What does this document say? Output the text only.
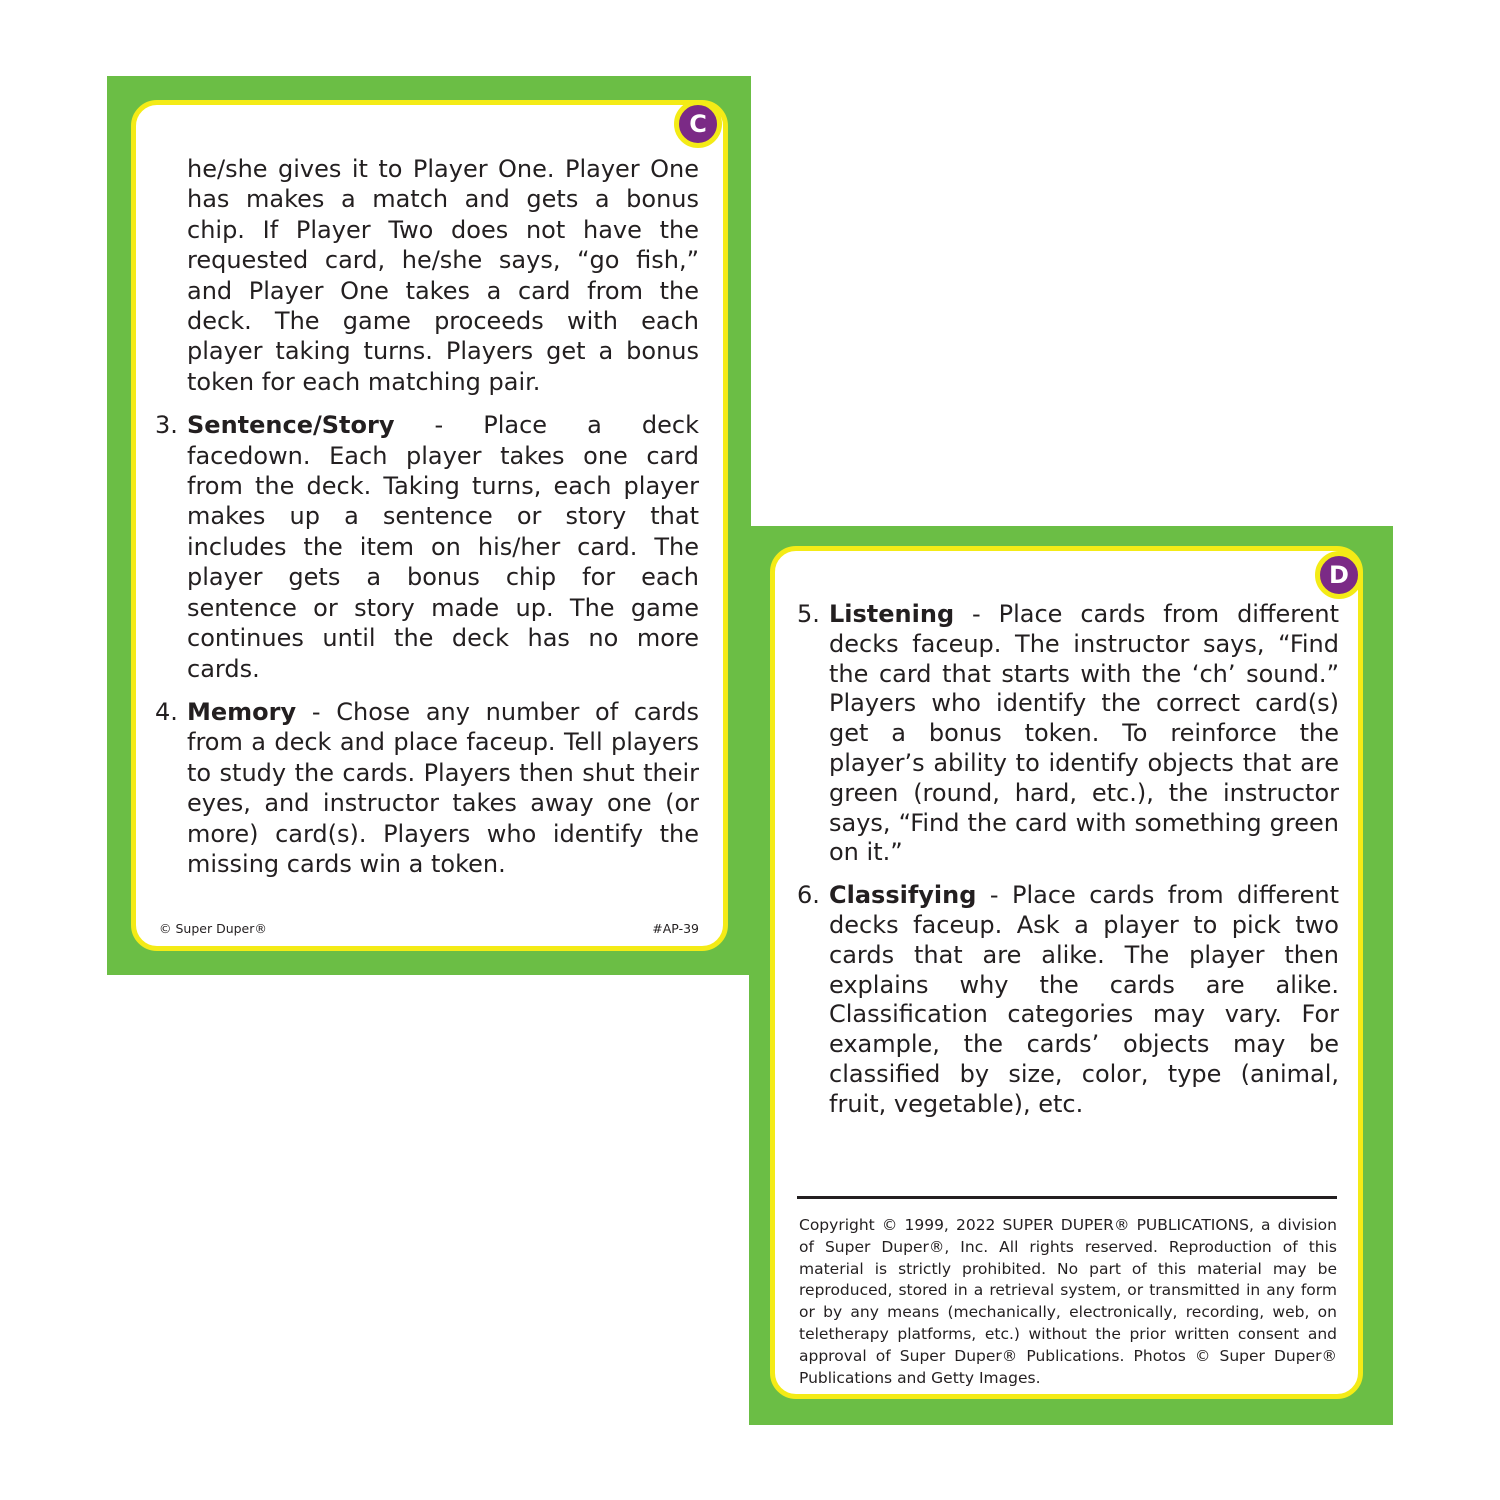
C

he/she gives it to Player One. Player One has makes a match and gets a bonus chip. If Player Two does not have the requested card, he/she says, “go fish,” and Player One takes a card from the deck. The game proceeds with each player taking turns. Players get a bonus token for each matching pair.

3. Sentence/Story - Place a deck facedown. Each player takes one card from the deck. Taking turns, each player makes up a sentence or story that includes the item on his/her card. The player gets a bonus chip for each sentence or story made up. The game continues until the deck has no more cards.
4. Memory - Chose any number of cards from a deck and place faceup. Tell players to study the cards. Players then shut their eyes, and instructor takes away one (or more) card(s). Players who identify the missing cards win a token.
© Super Duper®	#AP-39
D
5. Listening - Place cards from different decks faceup. The instructor says, “Find the card that starts with the ‘ch’ sound.” Players who identify the correct card(s) get a bonus token. To reinforce the player’s ability to identify objects that are green (round, hard, etc.), the instructor says, “Find the card with something green on it.”
6. Classifying - Place cards from different decks faceup. Ask a player to pick two cards that are alike. The player then explains why the cards are alike. Classification categories may vary. For example, the cards’ objects may be classified by size, color, type (animal, fruit, vegetable), etc.
Copyright © 1999, 2022 SUPER DUPER® PUBLICATIONS, a division of Super Duper®, Inc. All rights reserved. Reproduction of this material is strictly prohibited. No part of this material may be reproduced, stored in a retrieval system, or transmitted in any form or by any means (mechanically, electronically, recording, web, on teletherapy platforms, etc.) without the prior written consent and approval of Super Duper® Publications. Photos © Super Duper® Publications and Getty Images.
